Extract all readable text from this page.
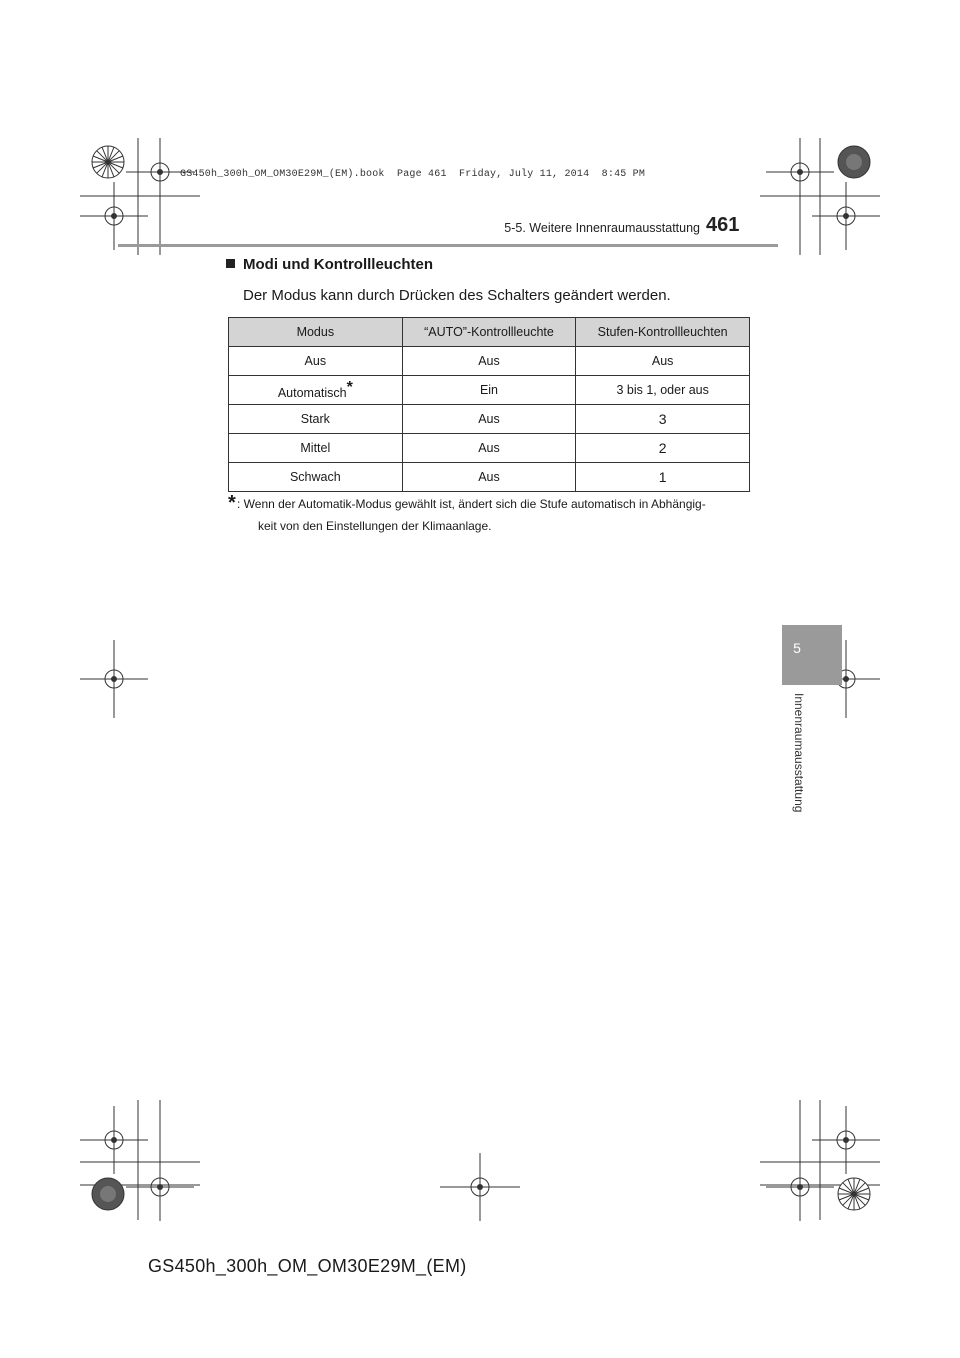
GS450h_300h_OM_OM30E29M_(EM).book  Page 461  Friday, July 11, 2014  8:45 PM
5-5. Weitere Innenraumausstattung 461
Modi und Kontrollleuchten
Der Modus kann durch Drücken des Schalters geändert werden.
Modus	“AUTO”-Kontrollleuchte	Stufen-Kontrollleuchten
Aus	Aus	Aus
Automatisch*	Ein	3 bis 1, oder aus
Stark	Aus	3
Mittel	Aus	2
Schwach	Aus	1
* : Wenn der Automatik-Modus gewählt ist, ändert sich die Stufe automatisch in Abhängig-
keit von den Einstellungen der Klimaanlage.
5
Innenraumausstattung
GS450h_300h_OM_OM30E29M_(EM)
